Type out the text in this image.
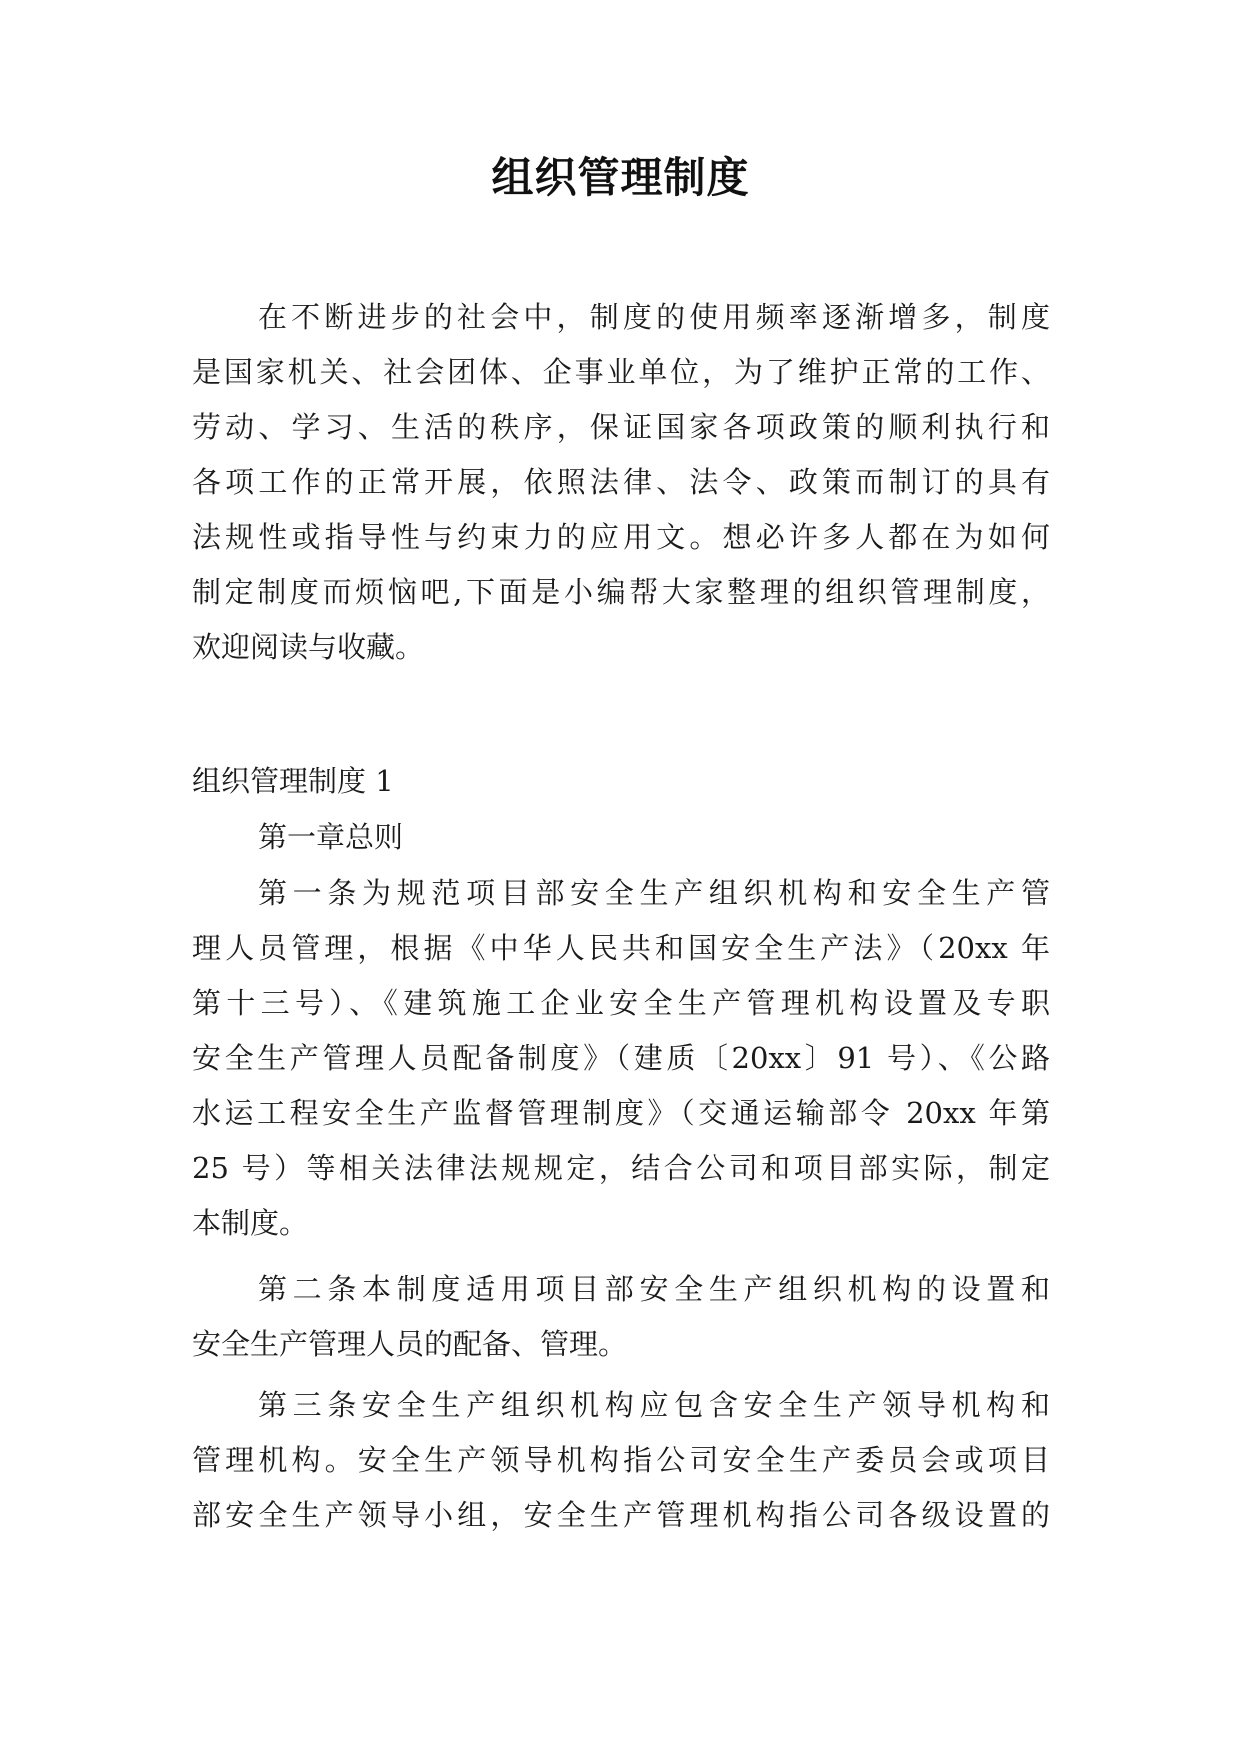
组织管理制度
在不断进步的社会中，制度的使用频率逐渐增多，制度
是国家机关、社会团体、企事业单位，为了维护正常的工作、
劳动、学习、生活的秩序，保证国家各项政策的顺利执行和
各项工作的正常开展，依照法律、法令、政策而制订的具有
法规性或指导性与约束力的应用文。想必许多人都在为如何
制定制度而烦恼吧,下面是小编帮大家整理的组织管理制度，
欢迎阅读与收藏。
组织管理制度 1
第一章总则
第一条为规范项目部安全生产组织机构和安全生产管
理人员管理，根据《中华人民共和国安全生产法》（20xx 年
第十三号）、《建筑施工企业安全生产管理机构设置及专职
安全生产管理人员配备制度》（建质〔20xx〕91 号）、《公路
水运工程安全生产监督管理制度》（交通运输部令 20xx 年第
25 号）等相关法律法规规定，结合公司和项目部实际，制定
本制度。
第二条本制度适用项目部安全生产组织机构的设置和
安全生产管理人员的配备、管理。
第三条安全生产组织机构应包含安全生产领导机构和
管理机构。安全生产领导机构指公司安全生产委员会或项目
部安全生产领导小组，安全生产管理机构指公司各级设置的
